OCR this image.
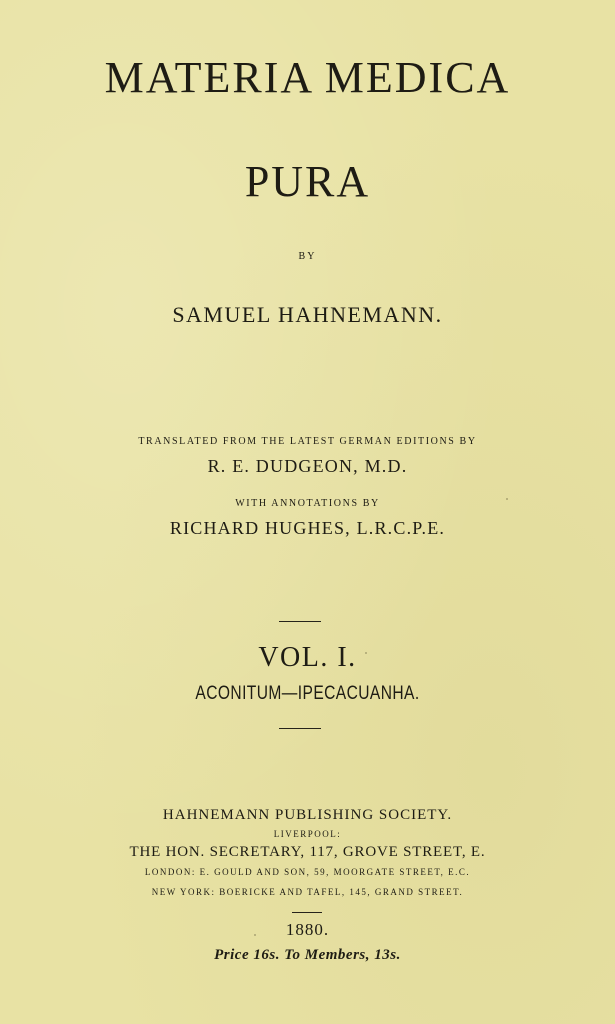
MATERIA MEDICA
PURA
BY
SAMUEL HAHNEMANN.
TRANSLATED FROM THE LATEST GERMAN EDITIONS BY
R. E. DUDGEON, M.D.
WITH ANNOTATIONS BY
RICHARD HUGHES, L.R.C.P.E.
VOL. I.
ACONITUM—IPECACUANHA.
HAHNEMANN PUBLISHING SOCIETY.
LIVERPOOL:
THE HON. SECRETARY, 117, GROVE STREET, E.
LONDON: E. GOULD AND SON, 59, MOORGATE STREET, E.C.
NEW YORK: BOERICKE AND TAFEL, 145, GRAND STREET.
1880.
Price 16s. To Members, 13s.
